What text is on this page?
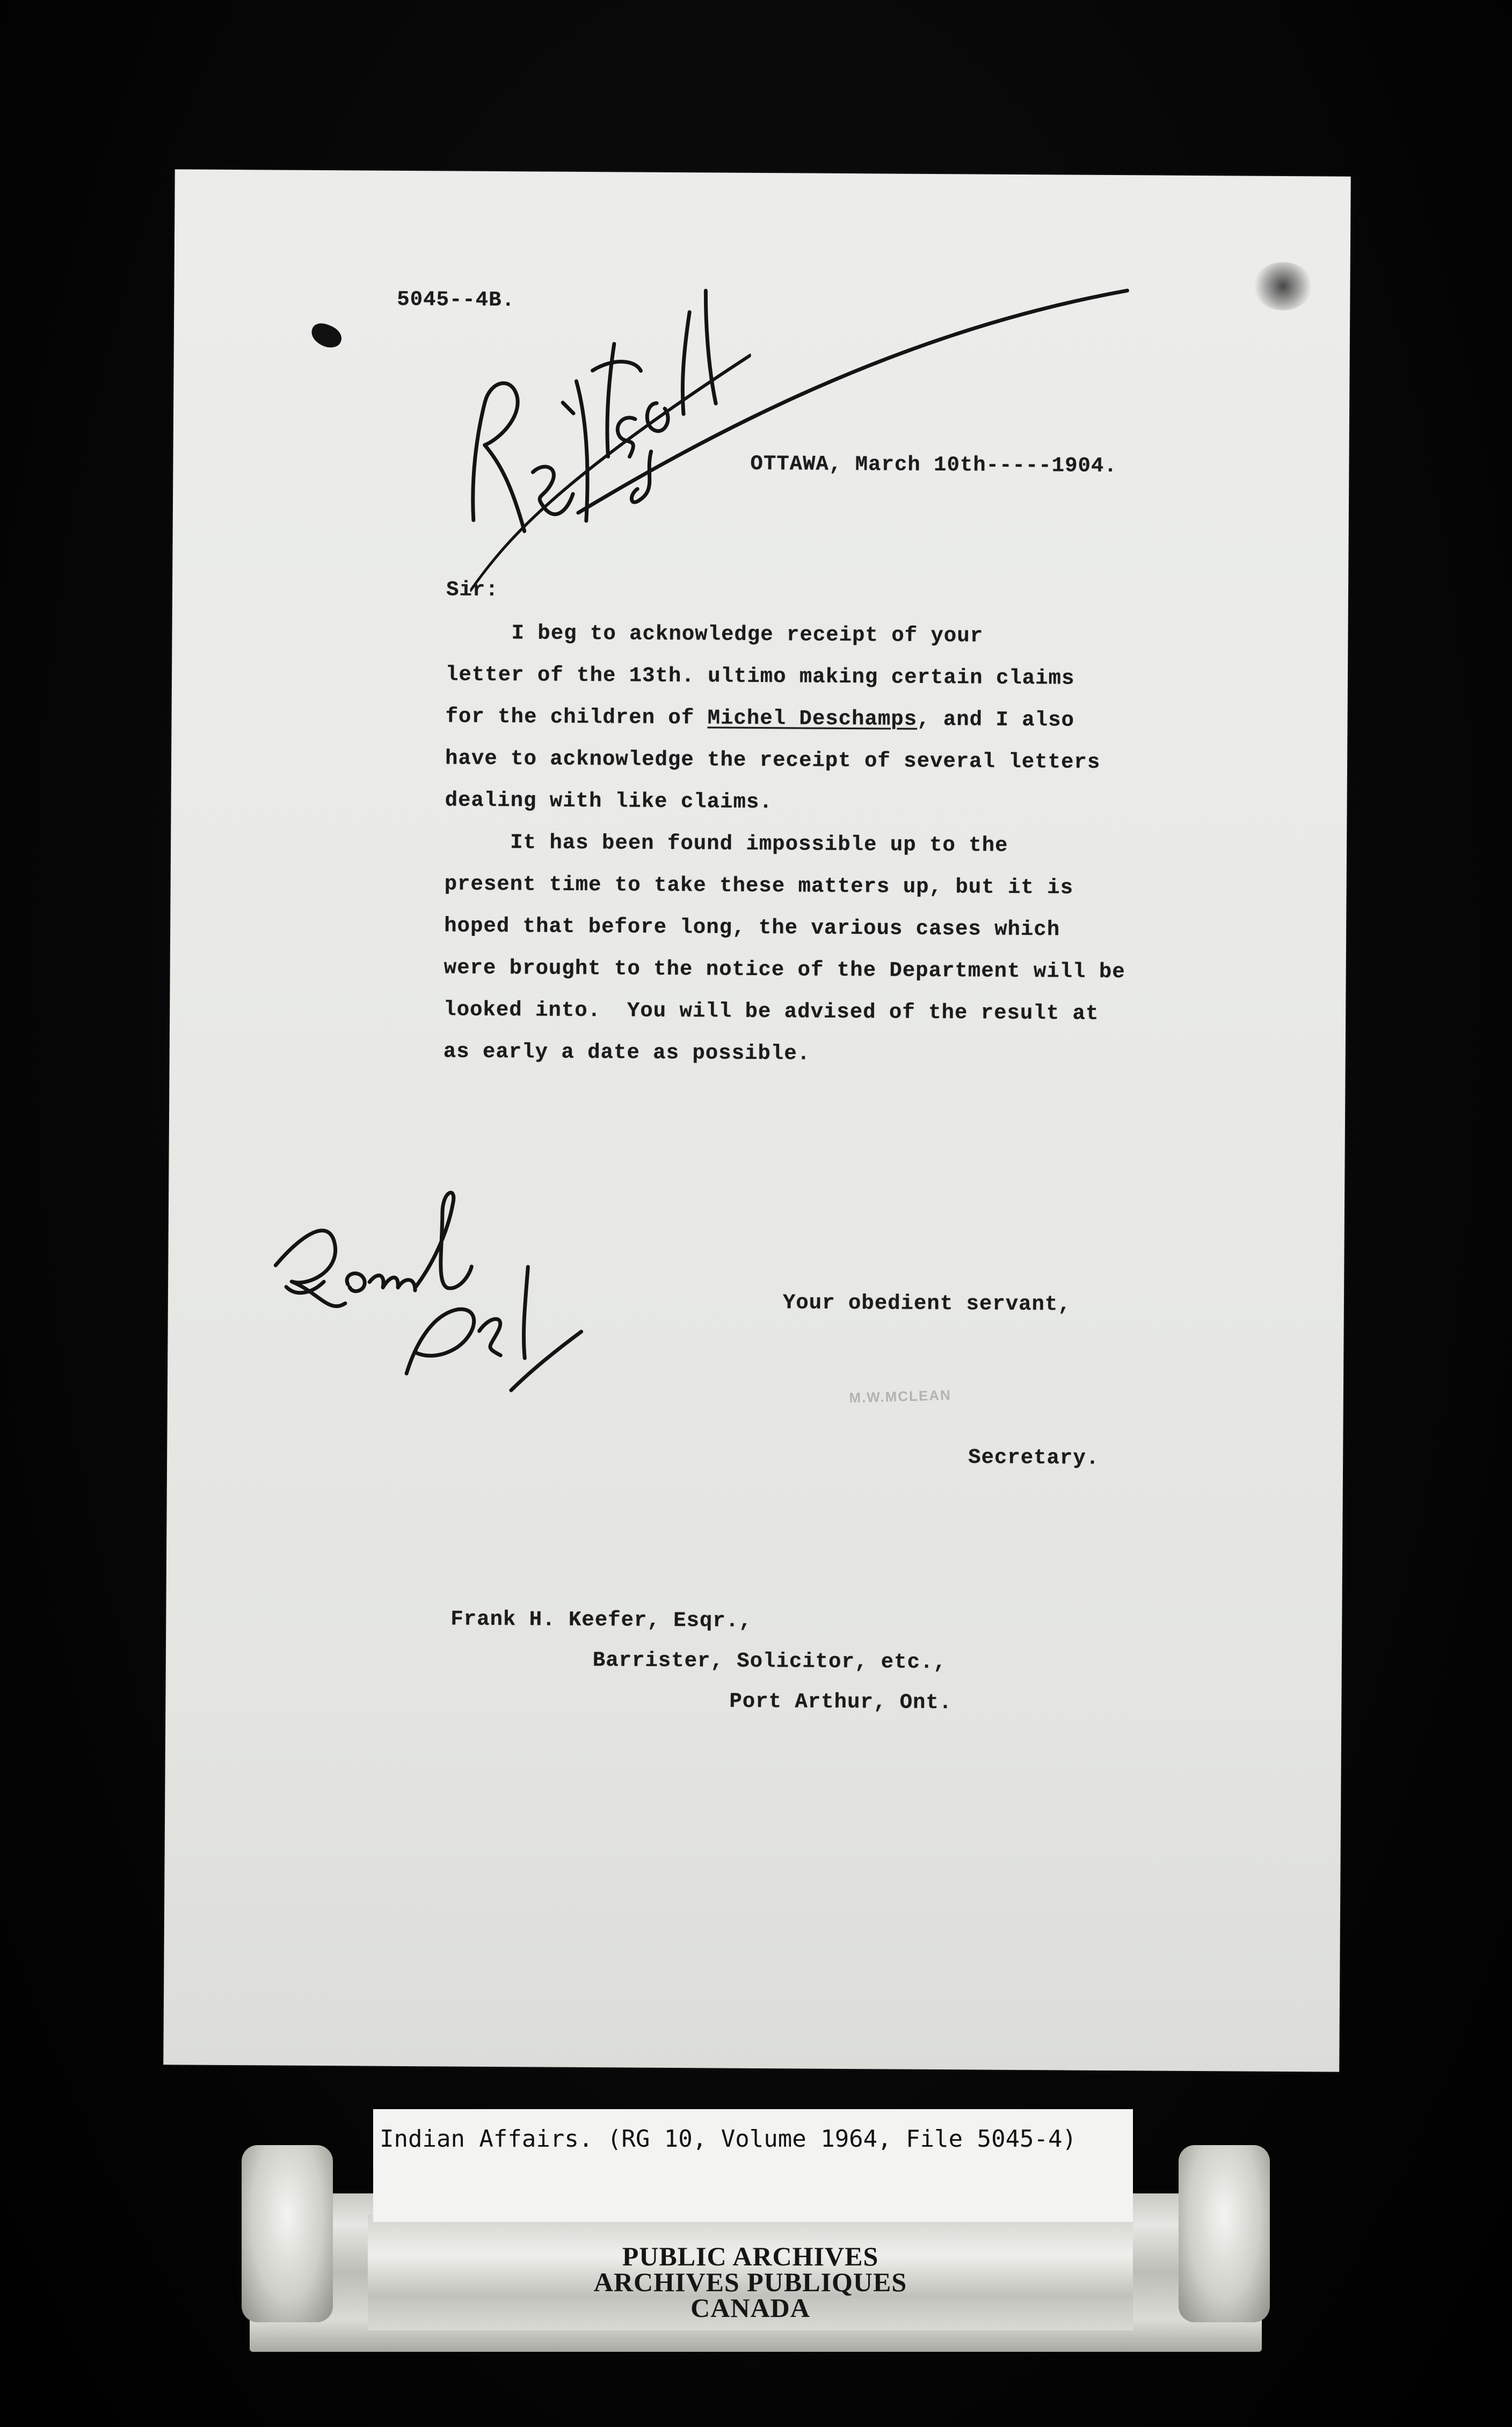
5045--4B.
OTTAWA, March 10th-----1904.
Sir:
I beg to acknowledge receipt of your
letter of the 13th. ultimo making certain claims
for the children of Michel Deschamps, and I also
have to acknowledge the receipt of several letters
dealing with like claims.
It has been found impossible up to the
present time to take these matters up, but it is
hoped that before long, the various cases which
were brought to the notice of the Department will be
looked into.  You will be advised of the result at
as early a date as possible.
Your obedient servant,
M.W.MCLEAN
Secretary.
Frank H. Keefer, Esqr.,
Barrister, Solicitor, etc.,
Port Arthur, Ont.
PUBLIC ARCHIVES
ARCHIVES PUBLIQUES
CANADA
Indian Affairs. (RG 10, Volume 1964, File 5045-4)
